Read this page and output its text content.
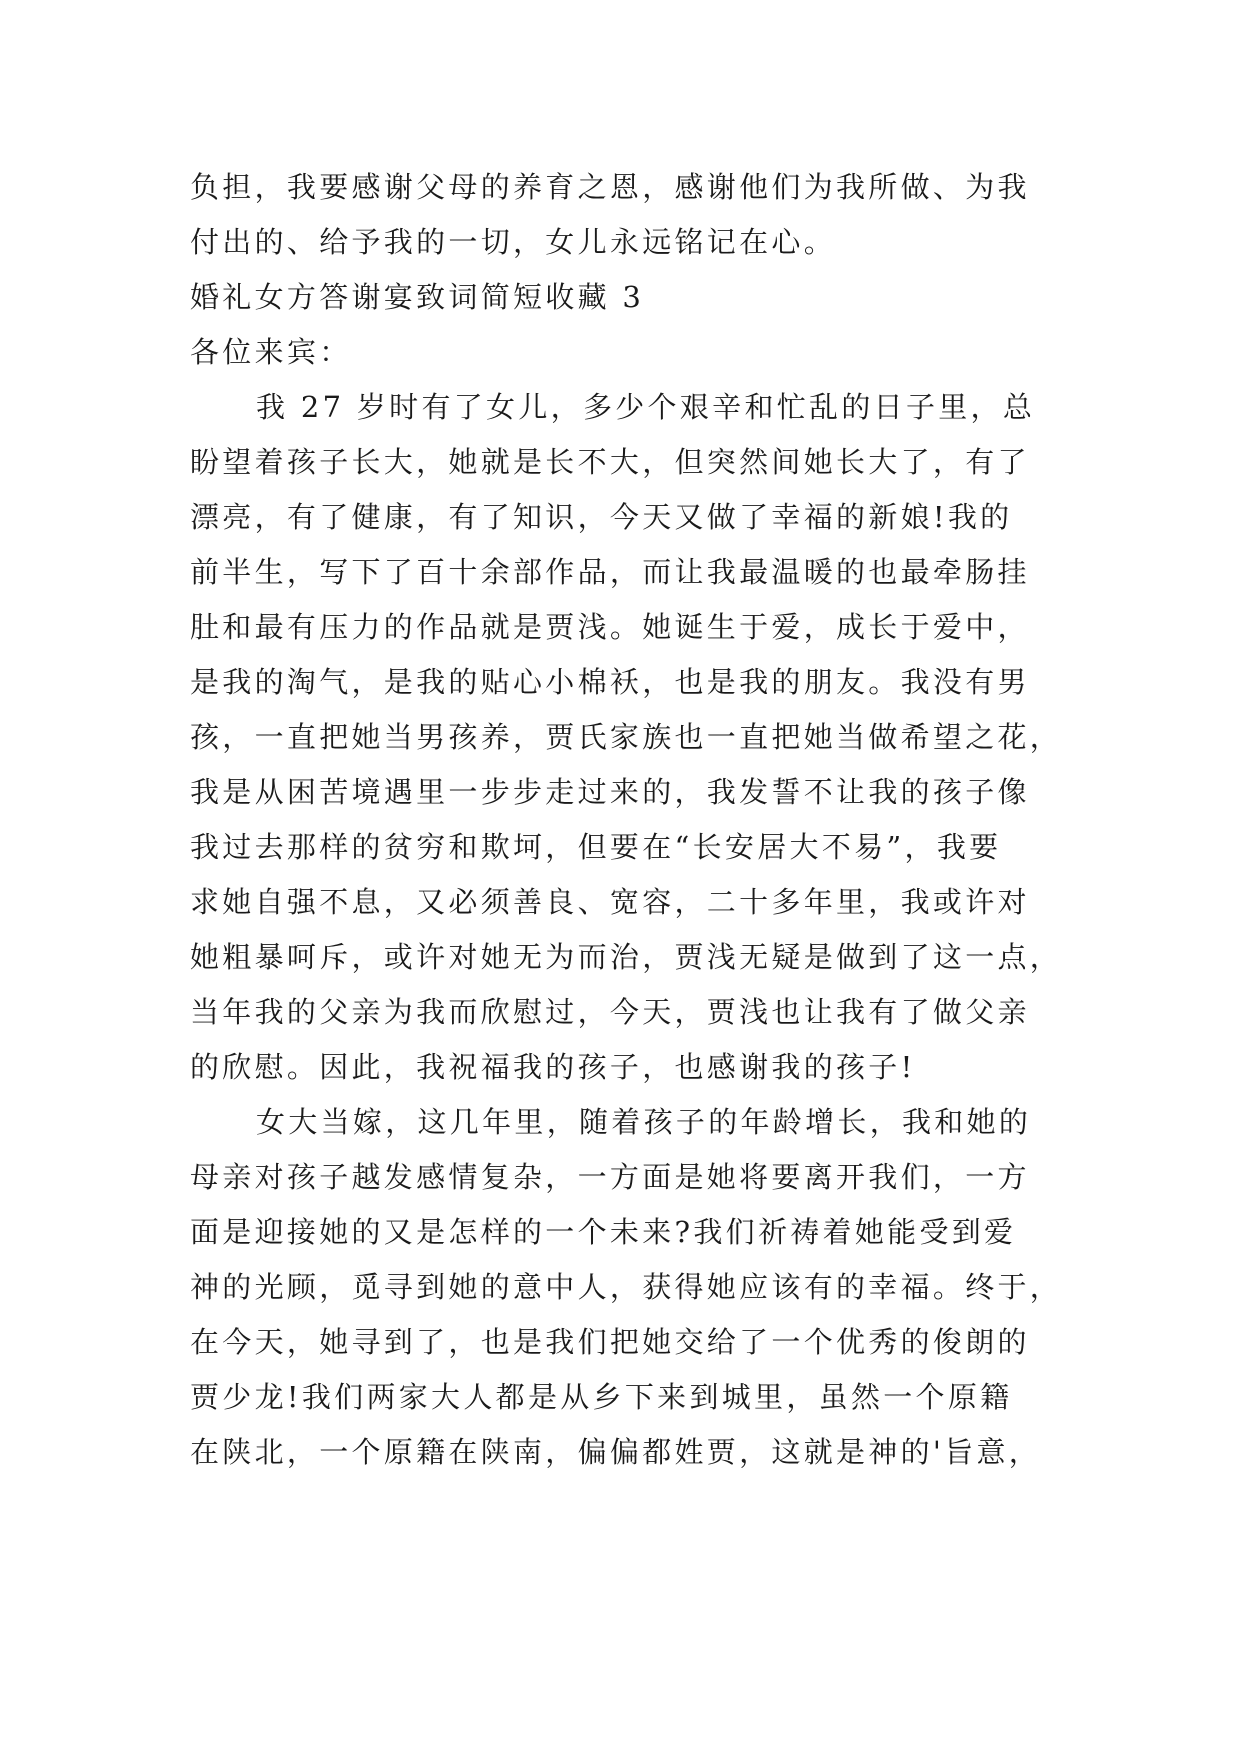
负担，我要感谢父母的养育之恩，感谢他们为我所做、为我
付出的、给予我的一切，女儿永远铭记在心。
婚礼女方答谢宴致词简短收藏 3
各位来宾：
我 27 岁时有了女儿，多少个艰辛和忙乱的日子里，总
盼望着孩子长大，她就是长不大，但突然间她长大了，有了
漂亮，有了健康，有了知识，今天又做了幸福的新娘!我的
前半生，写下了百十余部作品，而让我最温暖的也最牵肠挂
肚和最有压力的作品就是贾浅。她诞生于爱，成长于爱中，
是我的淘气，是我的贴心小棉袄，也是我的朋友。我没有男
孩，一直把她当男孩养，贾氏家族也一直把她当做希望之花，
我是从困苦境遇里一步步走过来的，我发誓不让我的孩子像
我过去那样的贫穷和欺坷，但要在“长安居大不易”，我要
求她自强不息，又必须善良、宽容，二十多年里，我或许对
她粗暴呵斥，或许对她无为而治，贾浅无疑是做到了这一点，
当年我的父亲为我而欣慰过，今天，贾浅也让我有了做父亲
的欣慰。因此，我祝福我的孩子，也感谢我的孩子!
女大当嫁，这几年里，随着孩子的年龄增长，我和她的
母亲对孩子越发感情复杂，一方面是她将要离开我们，一方
面是迎接她的又是怎样的一个未来?我们祈祷着她能受到爱
神的光顾，觅寻到她的意中人，获得她应该有的幸福。终于，
在今天，她寻到了，也是我们把她交给了一个优秀的俊朗的
贾少龙!我们两家大人都是从乡下来到城里，虽然一个原籍
在陕北，一个原籍在陕南，偏偏都姓贾，这就是神的'旨意，
